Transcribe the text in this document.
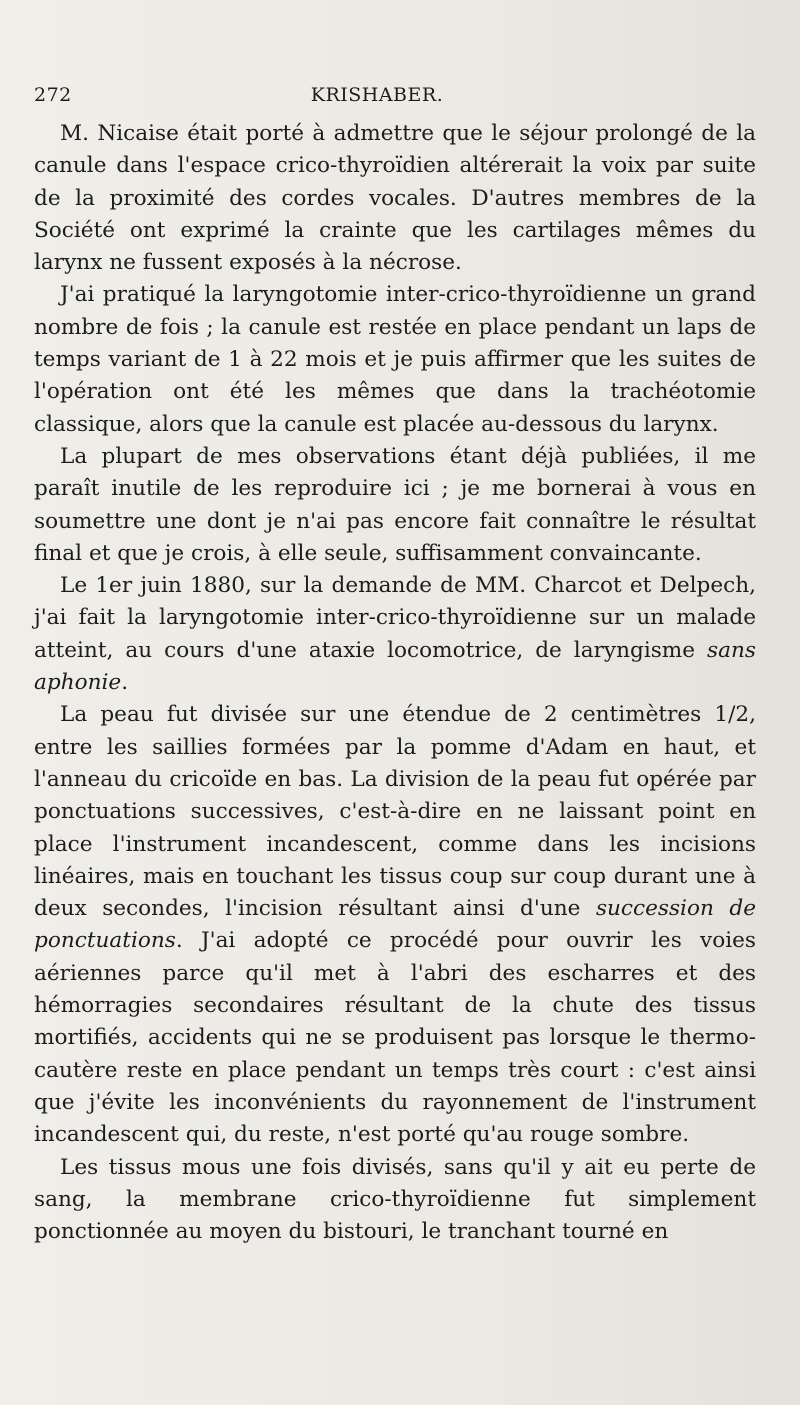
272	KRISHABER.

M. Nicaise était porté à admettre que le séjour prolongé de la canule dans l'espace crico-thyroïdien altérerait la voix par suite de la proximité des cordes vocales. D'autres membres de la Société ont exprimé la crainte que les cartilages mêmes du larynx ne fussent exposés à la nécrose.

J'ai pratiqué la laryngotomie inter-crico-thyroïdienne un grand nombre de fois ; la canule est restée en place pendant un laps de temps variant de 1 à 22 mois et je puis affirmer que les suites de l'opération ont été les mêmes que dans la trachéotomie classique, alors que la canule est placée au-dessous du larynx.

La plupart de mes observations étant déjà publiées, il me paraît inutile de les reproduire ici ; je me bornerai à vous en soumettre une dont je n'ai pas encore fait connaître le résultat final et que je crois, à elle seule, suffisamment convaincante.

Le 1er juin 1880, sur la demande de MM. Charcot et Delpech, j'ai fait la laryngotomie inter-crico-thyroïdienne sur un malade atteint, au cours d'une ataxie locomotrice, de laryngisme sans aphonie.

La peau fut divisée sur une étendue de 2 centimètres 1/2, entre les saillies formées par la pomme d'Adam en haut, et l'anneau du cricoïde en bas. La division de la peau fut opérée par ponctuations successives, c'est-à-dire en ne laissant point en place l'instrument incandescent, comme dans les incisions linéaires, mais en touchant les tissus coup sur coup durant une à deux secondes, l'incision résultant ainsi d'une succession de ponctuations. J'ai adopté ce procédé pour ouvrir les voies aériennes parce qu'il met à l'abri des escharres et des hémorragies secondaires résultant de la chute des tissus mortifiés, accidents qui ne se produisent pas lorsque le thermo-cautère reste en place pendant un temps très court : c'est ainsi que j'évite les inconvénients du rayonnement de l'instrument incandescent qui, du reste, n'est porté qu'au rouge sombre.

Les tissus mous une fois divisés, sans qu'il y ait eu perte de sang, la membrane crico-thyroïdienne fut simplement ponctionnée au moyen du bistouri, le tranchant tourné en
